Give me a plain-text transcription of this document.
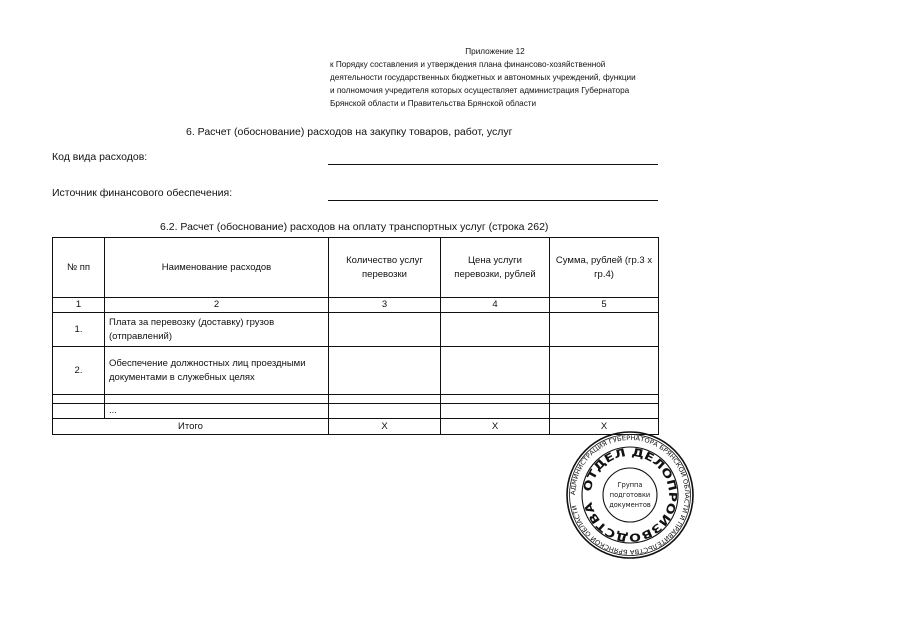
Приложение 12
к Порядку составления и утверждения плана финансово-хозяйственной
деятельности государственных бюджетных и автономных учреждений, функции
и полномочия учредителя которых осуществляет администрация Губернатора
Брянской области и Правительства Брянской области
6. Расчет (обоснование) расходов на закупку товаров, работ, услуг
Код вида расходов:
Источник финансового обеспечения:
6.2. Расчет (обоснование) расходов на оплату транспортных услуг (строка 262)
№ пп	Наименование расходов	Количество услуг перевозки	Цена услуги перевозки, рублей	Сумма, рублей (гр.3 х гр.4)
1	2	3	4	5
1.	Плата за перевозку (доставку) грузов (отправлений)			
2.	Обеспечение должностных лиц проездными документами в служебных целях			

	...			
Итого		X	X	X
АДМИНИСТРАЦИЯ ГУБЕРНАТОРА БРЯНСКОЙ ОБЛАСТИ И ПРАВИТЕЛЬСТВА БРЯНСКОЙ ОБЛАСТИ
ОТДЕЛ ДЕЛОПРОИЗВОДСТВА
Группа
подготовки
документов
